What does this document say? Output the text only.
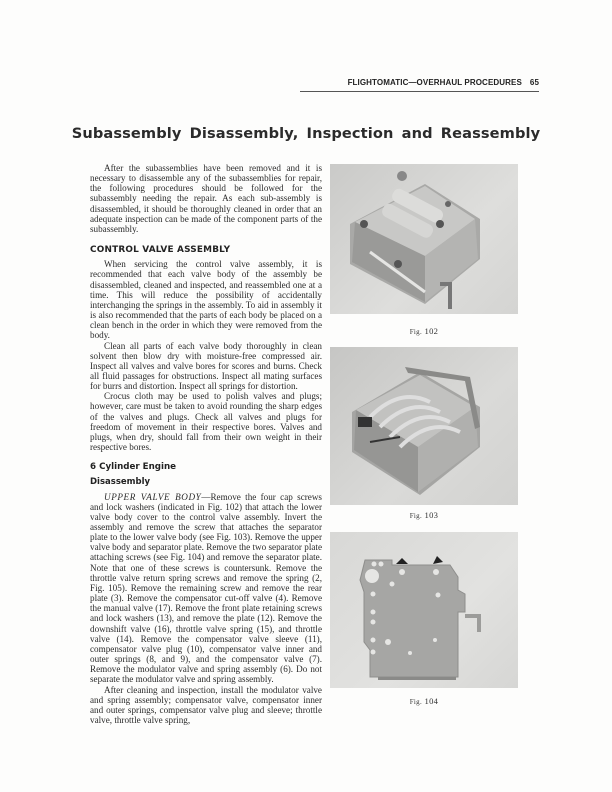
FLIGHTOMATIC—OVERHAUL PROCEDURES 65
Subassembly Disassembly, Inspection and Reassembly

After the subassemblies have been removed and it is necessary to disassemble any of the subassemblies for repair, the following procedures should be followed for the subassembly needing the repair. As each sub-assembly is disassembled, it should be thoroughly cleaned in order that an adequate inspection can be made of the component parts of the subassembly.

CONTROL VALVE ASSEMBLY

When servicing the control valve assembly, it is recommended that each valve body of the assembly be disassembled, cleaned and inspected, and reassembled one at a time. This will reduce the possibility of accidentally interchanging the springs in the assembly. To aid in assembly it is also recommended that the parts of each body be placed on a clean bench in the order in which they were removed from the body.

Clean all parts of each valve body thoroughly in clean solvent then blow dry with moisture-free compressed air. Inspect all valves and valve bores for scores and burns. Check all fluid passages for obstructions. Inspect all mating surfaces for burrs and distortion. Inspect all springs for distortion.

Crocus cloth may be used to polish valves and plugs; however, care must be taken to avoid rounding the sharp edges of the valves and plugs. Check all valves and plugs for freedom of movement in their respective bores. Valves and plugs, when dry, should fall from their own weight in their respective bores.

6 Cylinder Engine
Disassembly

UPPER VALVE BODY—Remove the four cap screws and lock washers (indicated in Fig. 102) that attach the lower valve body cover to the control valve assembly. Invert the assembly and remove the screw that attaches the separator plate to the lower valve body (see Fig. 103). Remove the upper valve body and separator plate. Remove the two separator plate attaching screws (see Fig. 104) and remove the separator plate. Note that one of these screws is countersunk. Remove the throttle valve return spring screws and remove the spring (2, Fig. 105). Remove the remaining screw and remove the rear plate (3). Remove the compensator cut-off valve (4). Remove the manual valve (17). Remove the front plate retaining screws and lock washers (13), and remove the plate (12). Remove the downshift valve (16), throttle valve spring (15), and throttle valve (14). Remove the compensator valve sleeve (11), compensator valve plug (10), compensator valve inner and outer springs (8, and 9), and the compensator valve (7). Remove the modulator valve and spring assembly (6). Do not separate the modulator valve and spring assembly.

After cleaning and inspection, install the modulator valve and spring assembly; compensator valve, compensator inner and outer springs, compensator valve plug and sleeve; throttle valve, throttle valve spring,

Fig. 102
Fig. 103
Fig. 104
